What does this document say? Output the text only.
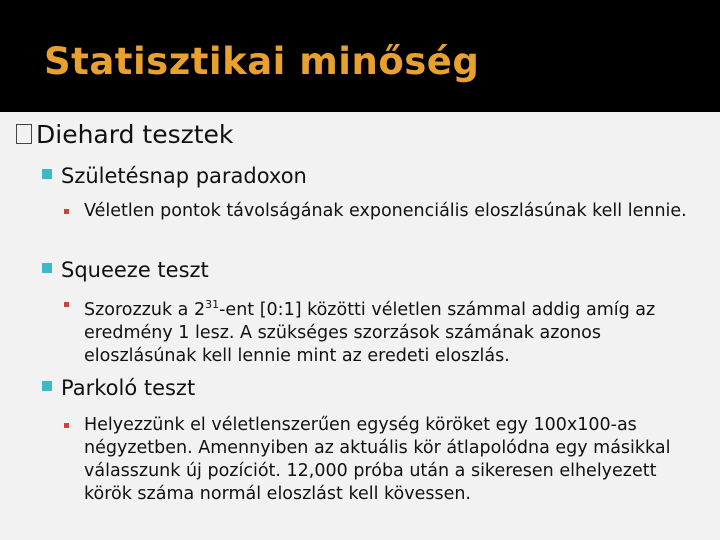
Statisztikai minőség
Diehard tesztek
Születésnap paradoxon
Véletlen pontok távolságának exponenciális eloszlásúnak kell lennie.
Squeeze teszt
Szorozzuk a $2^{31}$-ent [0:1] közötti véletlen számmal addig amíg az eredmény 1 lesz. A szükséges szorzások számának azonos eloszlásúnak kell lennie mint az eredeti eloszlás.
Parkoló teszt
Helyezzünk el véletlenszerűen egység köröket egy 100x100-as négyzetben. Amennyiben az aktuális kör átlapolódna egy másikkal válasszunk új pozíciót. 12,000 próba után a sikeresen elhelyezett körök száma normál eloszlást kell kövessen.
